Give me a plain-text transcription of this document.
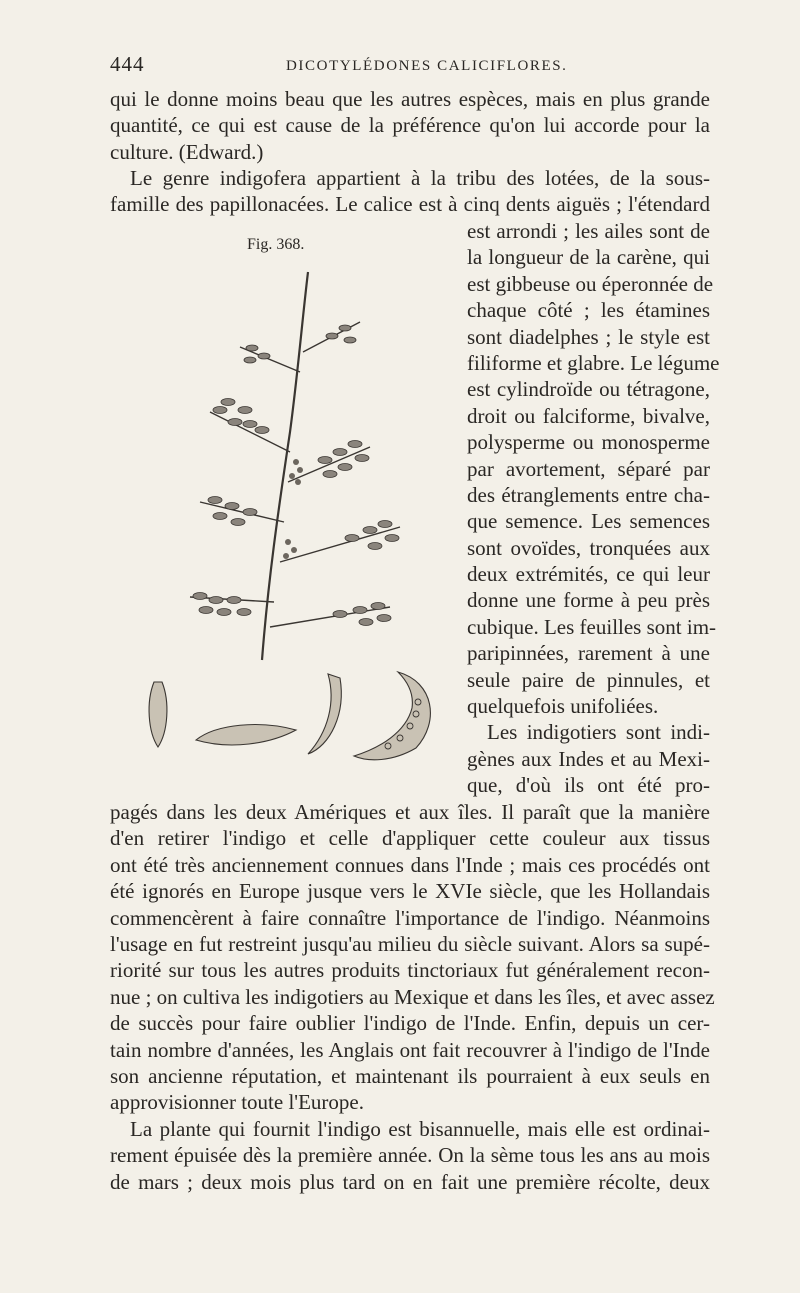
444	DICOTYLÉDONES CALICIFLORES.
qui le donne moins beau que les autres espèces, mais en plus grande
quantité, ce qui est cause de la préférence qu'on lui accorde pour la
culture. (Edward.)
Le genre indigofera appartient à la tribu des lotées, de la sous-
famille des papillonacées. Le calice est à cinq dents aiguës ; l'étendard
Fig. 368.
est arrondi ; les ailes sont de
la longueur de la carène, qui
est gibbeuse ou éperonnée de
chaque côté ; les étamines
sont diadelphes ; le style est
filiforme et glabre. Le légume
est cylindroïde ou tétragone,
droit ou falciforme, bivalve,
polysperme ou monosperme
par avortement, séparé par
des étranglements entre cha-
que semence. Les semences
sont ovoïdes, tronquées aux
deux extrémités, ce qui leur
donne une forme à peu près
cubique. Les feuilles sont im-
paripinnées, rarement à une
seule paire de pinnules, et
quelquefois unifoliées.
Les indigotiers sont indi-
gènes aux Indes et au Mexi-
que, d'où ils ont été pro-
pagés dans les deux Amériques et aux îles. Il paraît que la manière
d'en retirer l'indigo et celle d'appliquer cette couleur aux tissus
ont été très anciennement connues dans l'Inde ; mais ces procédés ont
été ignorés en Europe jusque vers le XVIe siècle, que les Hollandais
commencèrent à faire connaître l'importance de l'indigo. Néanmoins
l'usage en fut restreint jusqu'au milieu du siècle suivant. Alors sa supé-
riorité sur tous les autres produits tinctoriaux fut généralement recon-
nue ; on cultiva les indigotiers au Mexique et dans les îles, et avec assez
de succès pour faire oublier l'indigo de l'Inde. Enfin, depuis un cer-
tain nombre d'années, les Anglais ont fait recouvrer à l'indigo de l'Inde
son ancienne réputation, et maintenant ils pourraient à eux seuls en
approvisionner toute l'Europe.
La plante qui fournit l'indigo est bisannuelle, mais elle est ordinai-
rement épuisée dès la première année. On la sème tous les ans au mois
de mars ; deux mois plus tard on en fait une première récolte, deux
